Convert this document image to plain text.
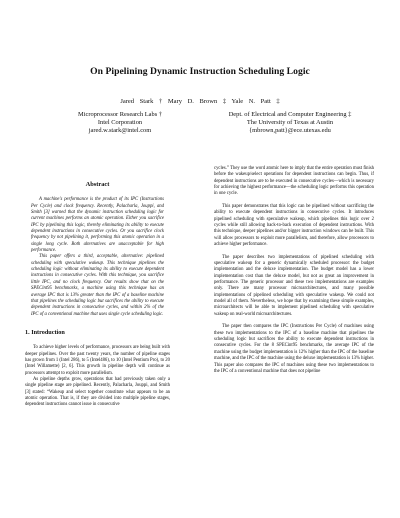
On Pipelining Dynamic Instruction Scheduling Logic
Jared Stark † Mary D. Brown ‡ Yale N. Patt ‡
Microprocessor Research Labs †
Intel Corporation
jared.w.stark@intel.com
Dept. of Electrical and Computer Engineering ‡
The University of Texas at Austin
{mbrown,patt}@ece.utexas.edu
Abstract

A machine's performance is the product of its IPC (Instructions Per Cycle) and clock frequency. Recently, Palacharla, Jouppi, and Smith [3] warned that the dynamic instruction scheduling logic for current machines performs an atomic operation. Either you sacrifice IPC by pipelining this logic, thereby eliminating its ability to execute dependent instructions in consecutive cycles. Or you sacrifice clock frequency by not pipelining it, performing this atomic operation in a single long cycle. Both alternatives are unacceptable for high performance.

This paper offers a third, acceptable, alternative: pipelined scheduling with speculative wakeup. This technique pipelines the scheduling logic without eliminating its ability to execute dependent instructions in consecutive cycles. With this technique, you sacrifice little IPC, and no clock frequency. Our results show that on the SPECint95 benchmarks, a machine using this technique has an average IPC that is 13% greater than the IPC of a baseline machine that pipelines the scheduling logic but sacrifices the ability to execute dependent instructions in consecutive cycles, and within 2% of the IPC of a conventional machine that uses single cycle scheduling logic.

1. Introduction

To achieve higher levels of performance, processors are being built with deeper pipelines. Over the past twenty years, the number of pipeline stages has grown from 1 (Intel 286), to 5 (Intel486), to 10 (Intel Pentium Pro), to 20 (Intel Willamette) [2, 6]. This growth in pipeline depth will continue as processors attempt to exploit more parallelism.

As pipeline depths grow, operations that had previously taken only a single pipeline stage are pipelined. Recently, Palacharla, Jouppi, and Smith [3] stated: “Wakeup and select together constitute what appears to be an atomic operation. That is, if they are divided into multiple pipeline stages, dependent instructions cannot issue in consecutive

cycles.” They use the word atomic here to imply that the entire operation must finish before the wakeup/select operations for dependent instructions can begin. Thus, if dependent instructions are to be executed in consecutive cycles—which is necessary for achieving the highest performance—the scheduling logic performs this operation in one cycle.

This paper demonstrates that this logic can be pipelined without sacrificing the ability to execute dependent instructions in consecutive cycles. It introduces pipelined scheduling with speculative wakeup, which pipelines this logic over 2 cycles while still allowing back-to-back execution of dependent instructions. With this technique, deeper pipelines and/or bigger instruction windows can be built. This will allow processors to exploit more parallelism, and therefore, allow processors to achieve higher performance.

The paper describes two implementations of pipelined scheduling with speculative wakeup for a generic dynamically scheduled processor: the budget implementation and the deluxe implementation. The budget model has a lower implementation cost than the deluxe model, but not as great an improvement in performance. The generic processor and these two implementations are examples only. There are many processor microarchitectures, and many possible implementations of pipelined scheduling with speculative wakeup. We could not model all of them. Nevertheless, we hope that by examining these simple examples, microarchitects will be able to implement pipelined scheduling with speculative wakeup on real-world microarchitectures.

The paper then compares the IPC (Instructions Per Cycle) of machines using these two implementations to the IPC of a baseline machine that pipelines the scheduling logic but sacrifices the ability to execute dependent instructions in consecutive cycles. For the 8 SPECint95 benchmarks, the average IPC of the machine using the budget implementation is 12% higher than the IPC of the baseline machine, and the IPC of the machine using the deluxe implementation is 13% higher. This paper also compares the IPC of machines using these two implementations to the IPC of a conventional machine that does not pipeline
